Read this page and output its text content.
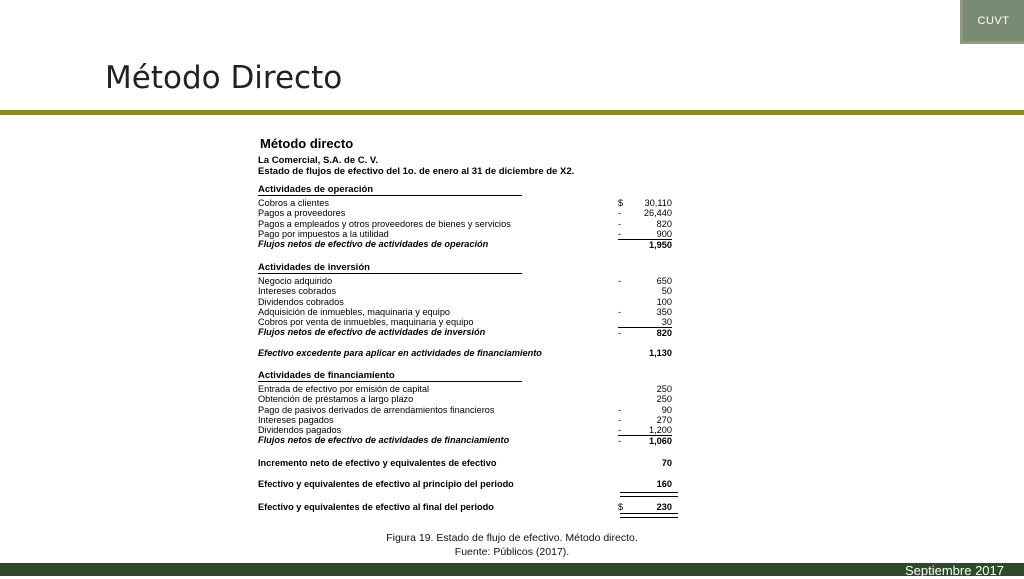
CUVT
Método Directo
Método directo
La Comercial, S.A. de C. V.
Estado de flujos de efectivo del 1o. de enero al 31 de diciembre de X2.
Actividades de operación
Cobros a clientes	$	30,110
Pagos a proveedores	-	26,440
Pagos a empleados y otros proveedores de bienes y servicios	-	820
Pago por impuestos a la utilidad	-	900
Flujos netos de efectivo de actividades de operación	1,950
Actividades de inversión
Negocio adquirido	-	650
Intereses cobrados	50
Dividendos cobrados	100
Adquisición de inmuebles, maquinaria y equipo	-	350
Cobros por venta de inmuebles, maquinaria y equipo	30
Flujos netos de efectivo de actividades de inversión	-	820
Efectivo excedente para aplicar en actividades de financiamiento	1,130
Actividades de financiamiento
Entrada de efectivo por emisión de capital	250
Obtención de préstamos a largo plazo	250
Pago de pasivos derivados de arrendamientos financieros	-	90
Intereses pagados	-	270
Dividendos pagados	-	1,200
Flujos netos de efectivo de actividades de financiamiento	-	1,060
Incremento neto de efectivo y equivalentes de efectivo	70
Efectivo y equivalentes de efectivo al principio del periodo	160
Efectivo y equivalentes de efectivo al final del periodo	$	230
Figura 19. Estado de flujo de efectivo. Método directo.
Fuente: Públicos (2017).
Septiembre 2017
